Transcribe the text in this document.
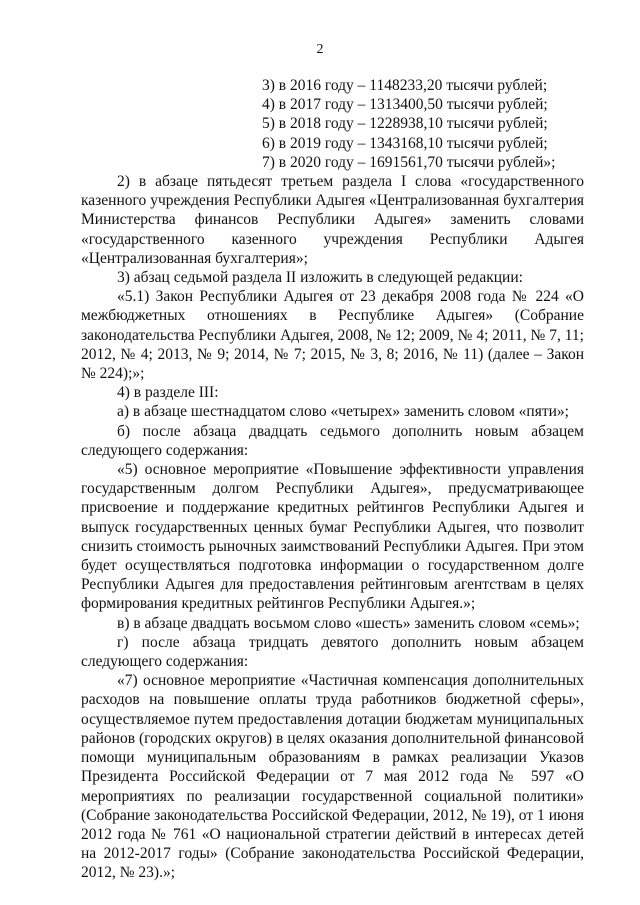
2
3) в 2016 году – 1148233,20 тысячи рублей;
4) в 2017 году – 1313400,50 тысячи рублей;
5) в 2018 году – 1228938,10 тысячи рублей;
6) в 2019 году – 1343168,10 тысячи рублей;
7) в 2020 году – 1691561,70 тысячи рублей»;

2) в абзаце пятьдесят третьем раздела I слова «государственного казенного учреждения Республики Адыгея «Централизованная бухгалтерия Министерства финансов Республики Адыгея» заменить словами «государственного казенного учреждения Республики Адыгея «Централизованная бухгалтерия»;

3) абзац седьмой раздела II изложить в следующей редакции:

«5.1) Закон Республики Адыгея от 23 декабря 2008 года № 224 «О межбюджетных отношениях в Республике Адыгея» (Собрание законодательства Республики Адыгея, 2008, № 12; 2009, № 4; 2011, № 7, 11; 2012, № 4; 2013, № 9; 2014, № 7; 2015, № 3, 8; 2016, № 11) (далее – Закон № 224);»;

4) в разделе III:

а) в абзаце шестнадцатом слово «четырех» заменить словом «пяти»;

б) после абзаца двадцать седьмого дополнить новым абзацем следующего содержания:

«5) основное мероприятие «Повышение эффективности управления государственным долгом Республики Адыгея», предусматривающее присвоение и поддержание кредитных рейтингов Республики Адыгея и выпуск государственных ценных бумаг Республики Адыгея, что позволит снизить стоимость рыночных заимствований Республики Адыгея. При этом будет осуществляться подготовка информации о государственном долге Республики Адыгея для предоставления рейтинговым агентствам в целях формирования кредитных рейтингов Республики Адыгея.»;

в) в абзаце двадцать восьмом слово «шесть» заменить словом «семь»;

г) после абзаца тридцать девятого дополнить новым абзацем следующего содержания:

«7) основное мероприятие «Частичная компенсация дополнительных расходов на повышение оплаты труда работников бюджетной сферы», осуществляемое путем предоставления дотации бюджетам муниципальных районов (городских округов) в целях оказания дополнительной финансовой помощи муниципальным образованиям в рамках реализации Указов Президента Российской Федерации от 7 мая 2012 года № 597 «О мероприятиях по реализации государственной социальной политики» (Собрание законодательства Российской Федерации, 2012, № 19), от 1 июня 2012 года № 761 «О национальной стратегии действий в интересах детей на 2012-2017 годы» (Собрание законодательства Российской Федерации, 2012, № 23).»;
